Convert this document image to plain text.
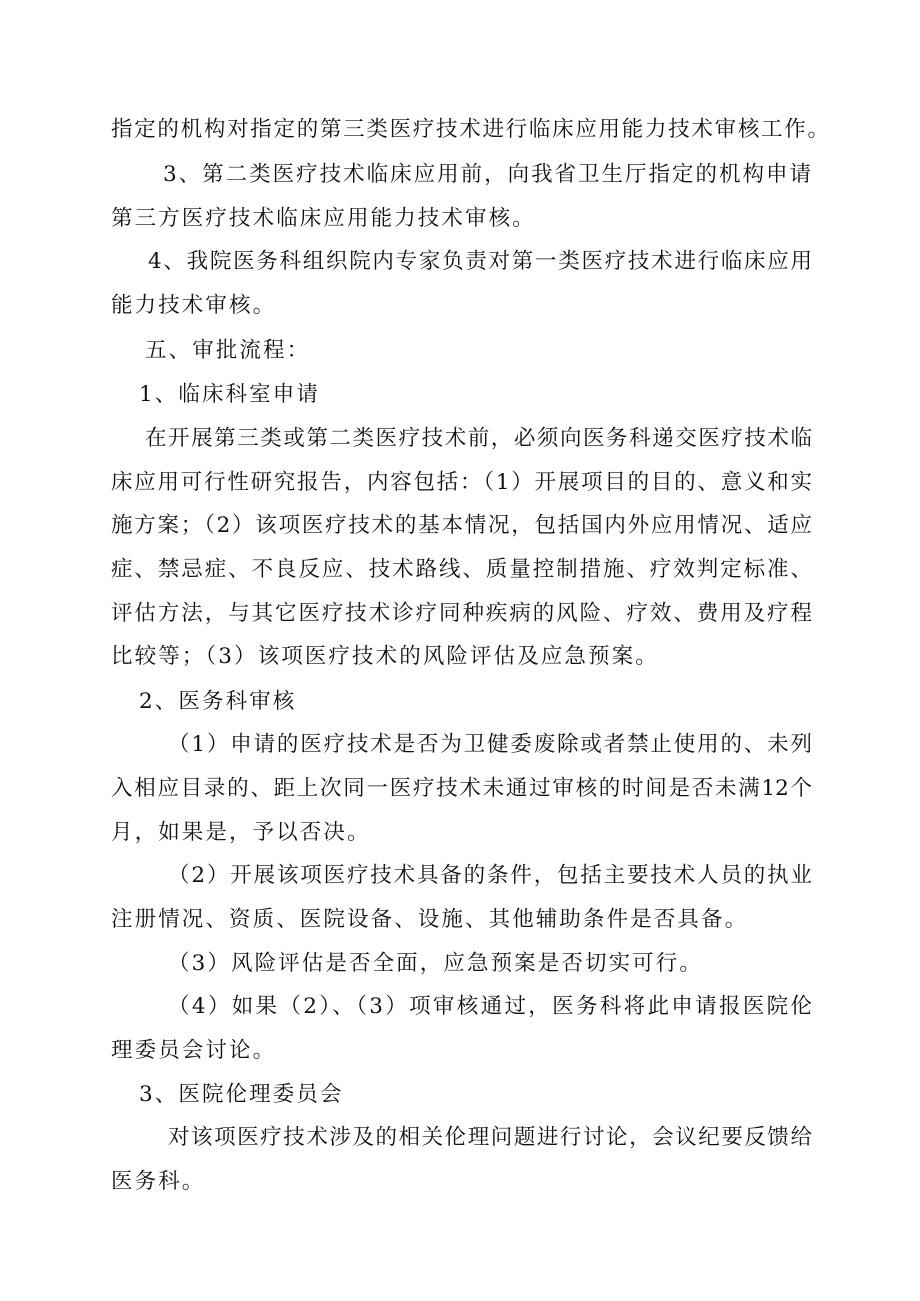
指定的机构对指定的第三类医疗技术进行临床应用能力技术审核工作。
3、第二类医疗技术临床应用前，向我省卫生厅指定的机构申请
第三方医疗技术临床应用能力技术审核。
4、我院医务科组织院内专家负责对第一类医疗技术进行临床应用
能力技术审核。
五、审批流程：
1、临床科室申请
在开展第三类或第二类医疗技术前，必须向医务科递交医疗技术临
床应用可行性研究报告，内容包括：（1）开展项目的目的、意义和实
施方案；（2）该项医疗技术的基本情况，包括国内外应用情况、适应
症、禁忌症、不良反应、技术路线、质量控制措施、疗效判定标准、
评估方法，与其它医疗技术诊疗同种疾病的风险、疗效、费用及疗程
比较等；（3）该项医疗技术的风险评估及应急预案。
2、医务科审核
（1）申请的医疗技术是否为卫健委废除或者禁止使用的、未列
入相应目录的、距上次同一医疗技术未通过审核的时间是否未满12个
月，如果是，予以否决。
（2）开展该项医疗技术具备的条件，包括主要技术人员的执业
注册情况、资质、医院设备、设施、其他辅助条件是否具备。
（3）风险评估是否全面，应急预案是否切实可行。
（4）如果（2）、（3）项审核通过，医务科将此申请报医院伦
理委员会讨论。
3、医院伦理委员会
对该项医疗技术涉及的相关伦理问题进行讨论，会议纪要反馈给
医务科。
